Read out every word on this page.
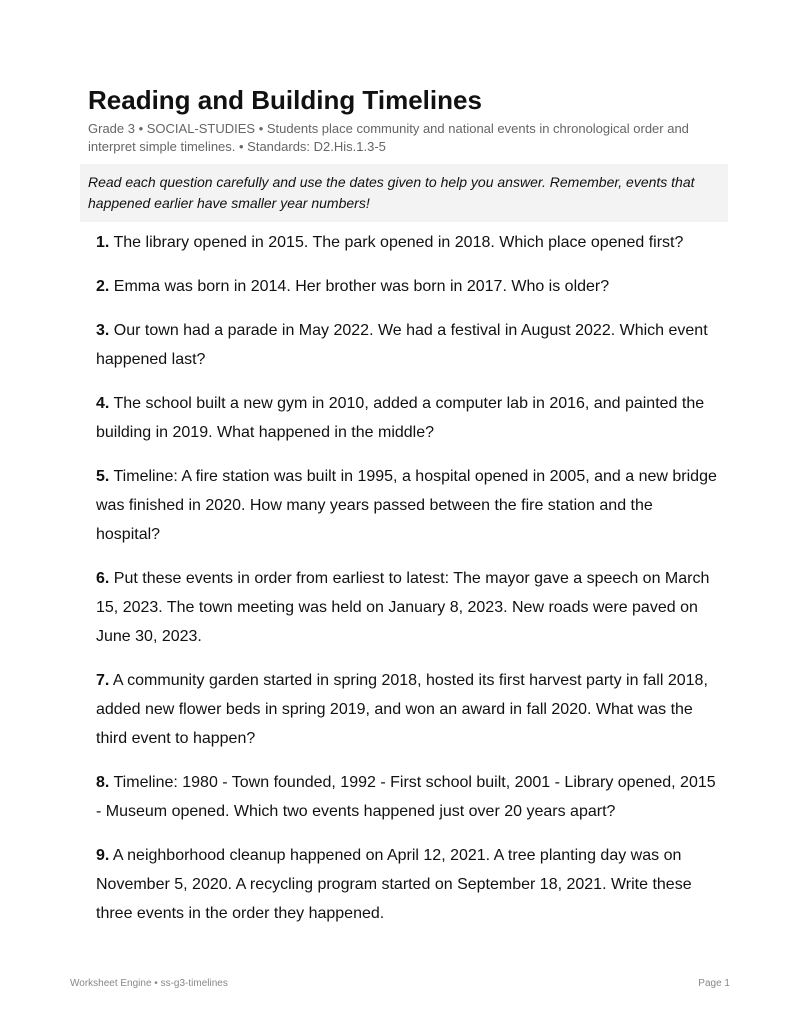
Reading and Building Timelines
Grade 3 • SOCIAL-STUDIES • Students place community and national events in chronological order and interpret simple timelines. • Standards: D2.His.1.3-5
Read each question carefully and use the dates given to help you answer. Remember, events that happened earlier have smaller year numbers!
1. The library opened in 2015. The park opened in 2018. Which place opened first?
2. Emma was born in 2014. Her brother was born in 2017. Who is older?
3. Our town had a parade in May 2022. We had a festival in August 2022. Which event happened last?
4. The school built a new gym in 2010, added a computer lab in 2016, and painted the building in 2019. What happened in the middle?
5. Timeline: A fire station was built in 1995, a hospital opened in 2005, and a new bridge was finished in 2020. How many years passed between the fire station and the hospital?
6. Put these events in order from earliest to latest: The mayor gave a speech on March 15, 2023. The town meeting was held on January 8, 2023. New roads were paved on June 30, 2023.
7. A community garden started in spring 2018, hosted its first harvest party in fall 2018, added new flower beds in spring 2019, and won an award in fall 2020. What was the third event to happen?
8. Timeline: 1980 - Town founded, 1992 - First school built, 2001 - Library opened, 2015 - Museum opened. Which two events happened just over 20 years apart?
9. A neighborhood cleanup happened on April 12, 2021. A tree planting day was on November 5, 2020. A recycling program started on September 18, 2021. Write these three events in the order they happened.
Worksheet Engine • ss-g3-timelines	Page 1
